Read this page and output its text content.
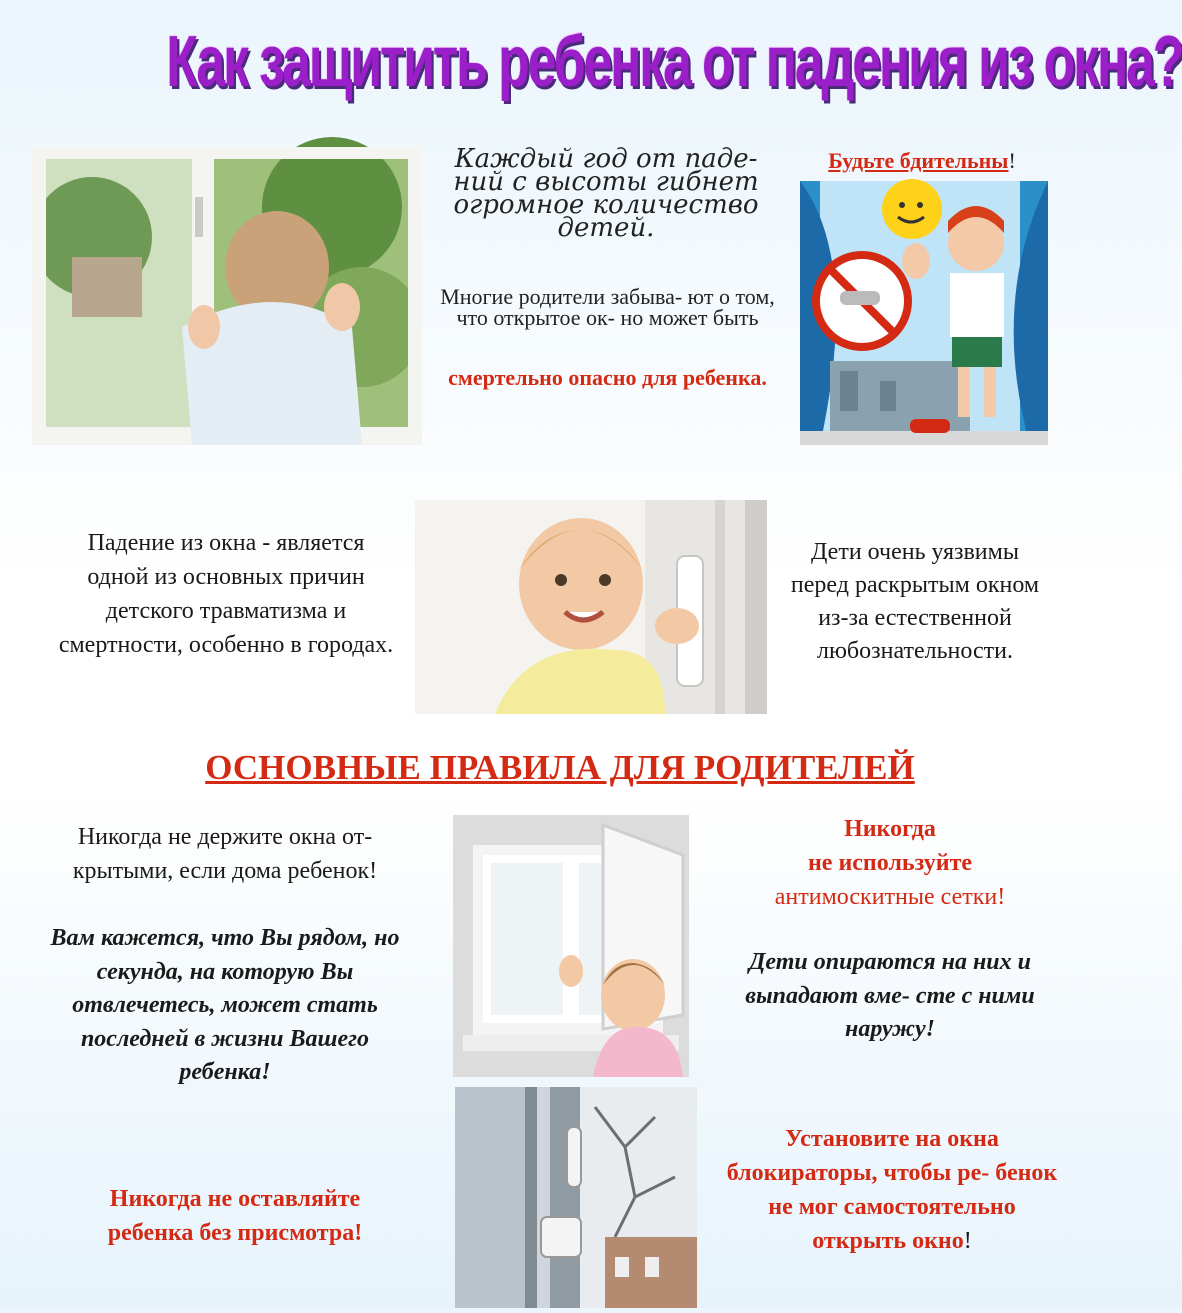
Как защитить ребенка от падения из окна?
Каждый год от паде- ний с высоты гибнет огромное количество детей.
Многие родители забыва- ют о том, что открытое ок- но может быть
смертельно опасно для ребенка.
Будьте бдительны!
Падение из окна - является одной из основных причин детского травматизма и смертности, особенно в городах.
Дети очень уязвимы перед раскрытым окном из-за естественной любознательности.
ОСНОВНЫЕ ПРАВИЛА ДЛЯ РОДИТЕЛЕЙ
Никогда не держите окна от- крытыми, если дома ребенок!
Вам кажется, что Вы рядом, но секунда, на которую Вы отвлечетесь, может стать последней в жизни Вашего ребенка!
Никогда не оставляйте ребенка без присмотра!
Никогда
не используйте
антимоскитные сетки!
Дети опираются на них и выпадают вме- сте с ними наружу!
Установите на окна блокираторы, чтобы ре- бенок не мог самостоятельно открыть окно!
